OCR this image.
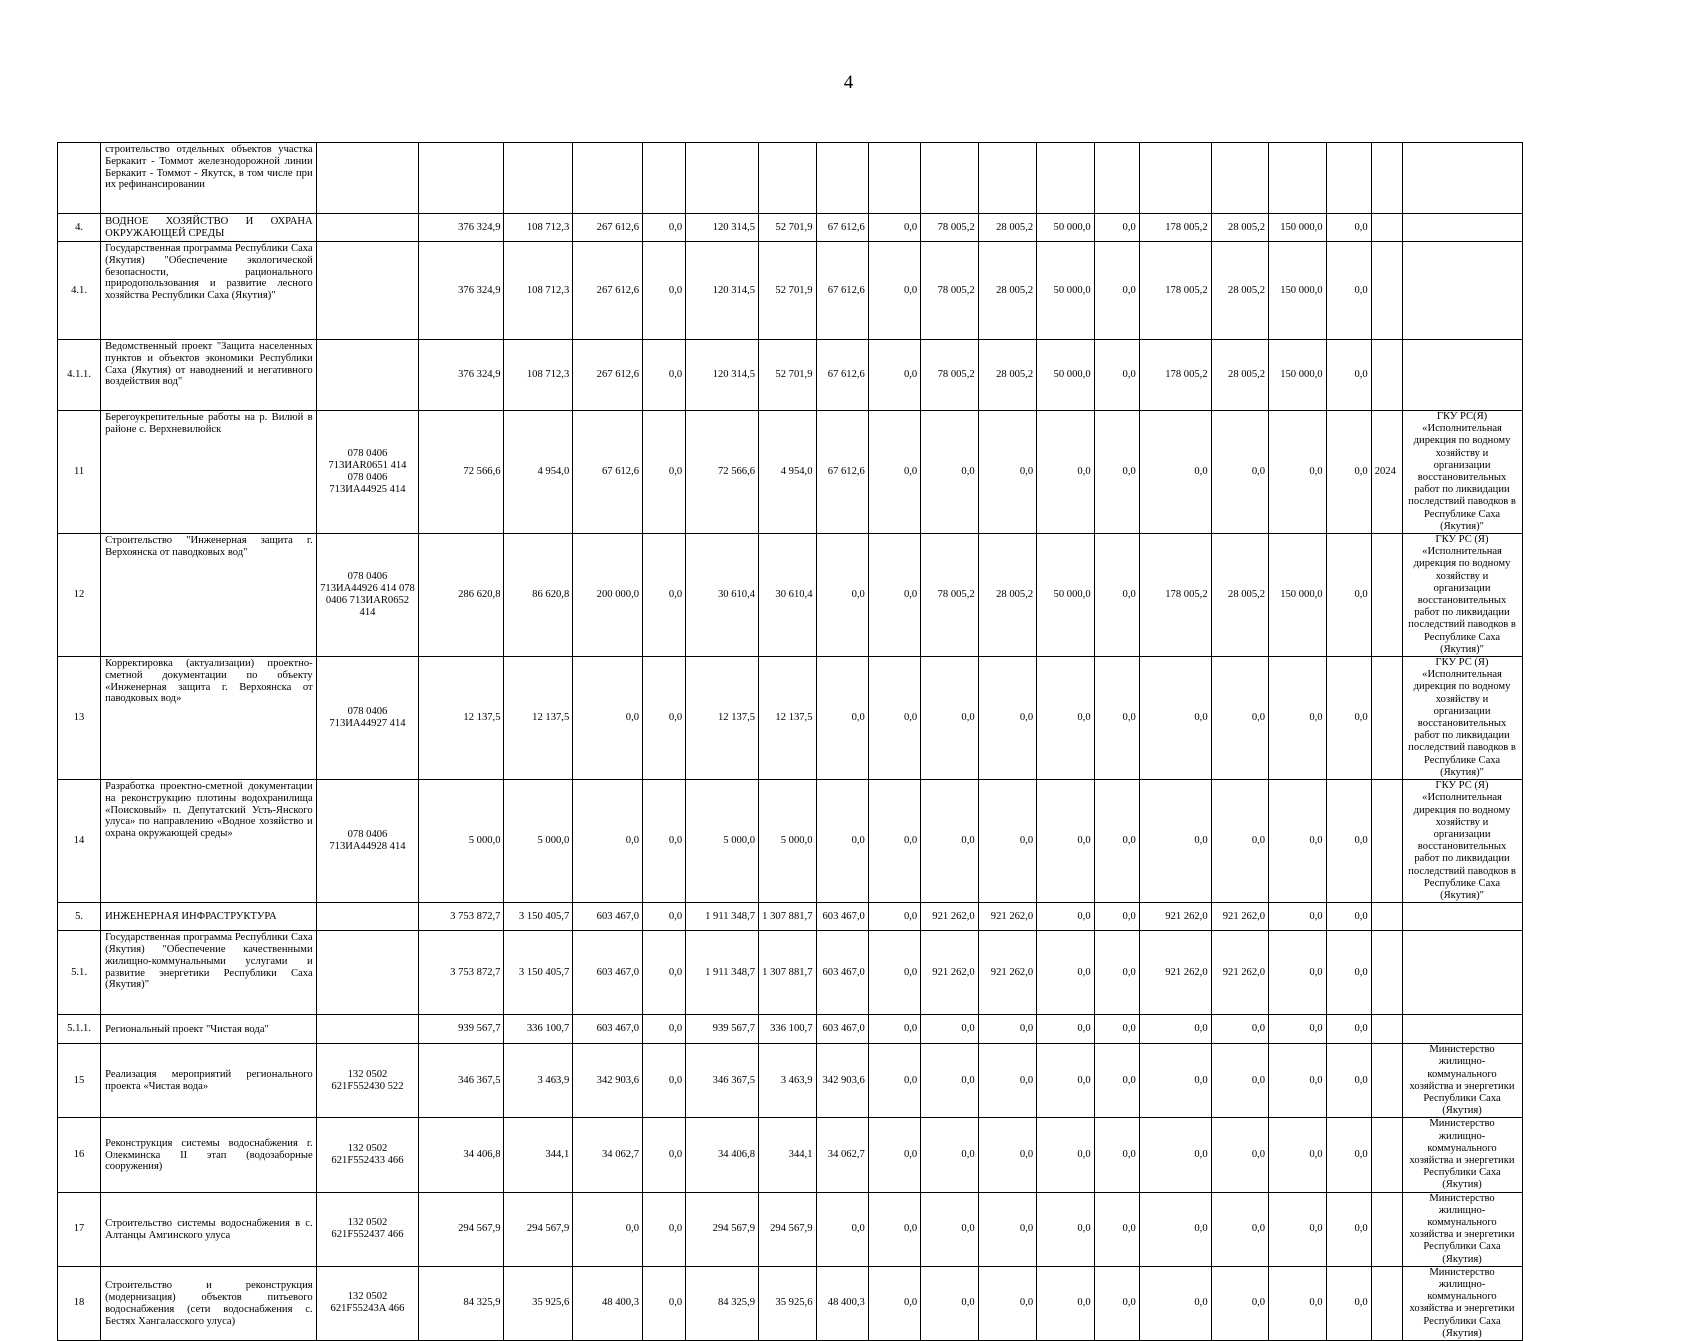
4
	строительство отдельных объектов участка Беркакит - Томмот железнодорожной линии Беркакит - Томмот - Якутск, в том числе при их рефинансировании																			
4.	ВОДНОЕ ХОЗЯЙСТВО И ОХРАНА ОКРУЖАЮЩЕЙ СРЕДЫ		376 324,9	108 712,3	267 612,6	0,0	120 314,5	52 701,9	67 612,6	0,0	78 005,2	28 005,2	50 000,0	0,0	178 005,2	28 005,2	150 000,0	0,0		
4.1.	Государственная программа Республики Саха (Якутия) "Обеспечение экологической безопасности, рационального природопользования и развитие лесного хозяйства Республики Саха (Якутия)"		376 324,9	108 712,3	267 612,6	0,0	120 314,5	52 701,9	67 612,6	0,0	78 005,2	28 005,2	50 000,0	0,0	178 005,2	28 005,2	150 000,0	0,0		
4.1.1.	Ведомственный проект "Защита населенных пунктов и объектов экономики Республики Саха (Якутия) от наводнений и негативного воздействия вод"		376 324,9	108 712,3	267 612,6	0,0	120 314,5	52 701,9	67 612,6	0,0	78 005,2	28 005,2	50 000,0	0,0	178 005,2	28 005,2	150 000,0	0,0		
11	Берегоукрепительные работы на р. Вилюй в районе с. Верхневилюйск	078 0406 713ИАR0651 414 078 0406 713ИА44925 414	72 566,6	4 954,0	67 612,6	0,0	72 566,6	4 954,0	67 612,6	0,0	0,0	0,0	0,0	0,0	0,0	0,0	0,0	0,0	2024	ГКУ РС(Я) «Исполнительная дирекция по водному хозяйству и организации восстановительных работ по ликвидации последствий паводков в Республике Саха (Якутия)"
12	Строительство "Инженерная защита г. Верхоянска от паводковых вод"	078 0406 713ИА44926 414 078 0406 713ИАR0652 414	286 620,8	86 620,8	200 000,0	0,0	30 610,4	30 610,4	0,0	0,0	78 005,2	28 005,2	50 000,0	0,0	178 005,2	28 005,2	150 000,0	0,0		ГКУ РС (Я) «Исполнительная дирекция по водному хозяйству и организации восстановительных работ по ликвидации последствий паводков в Республике Саха (Якутия)"
13	Корректировка (актуализации) проектно-сметной документации по объекту «Инженерная защита г. Верхоянска от паводковых вод»	078 0406 713ИА44927 414	12 137,5	12 137,5	0,0	0,0	12 137,5	12 137,5	0,0	0,0	0,0	0,0	0,0	0,0	0,0	0,0	0,0	0,0		ГКУ РС (Я) «Исполнительная дирекция по водному хозяйству и организации восстановительных работ по ликвидации последствий паводков в Республике Саха (Якутия)"
14	Разработка проектно-сметной документации на реконструкцию плотины водохранилища «Поисковый» п. Депутатский Усть-Янского улуса» по направлению «Водное хозяйство и охрана окружающей среды»	078 0406 713ИА44928 414	5 000,0	5 000,0	0,0	0,0	5 000,0	5 000,0	0,0	0,0	0,0	0,0	0,0	0,0	0,0	0,0	0,0	0,0		ГКУ РС (Я) «Исполнительная дирекция по водному хозяйству и организации восстановительных работ по ликвидации последствий паводков в Республике Саха (Якутия)"
5.	ИНЖЕНЕРНАЯ ИНФРАСТРУКТУРА		3 753 872,7	3 150 405,7	603 467,0	0,0	1 911 348,7	1 307 881,7	603 467,0	0,0	921 262,0	921 262,0	0,0	0,0	921 262,0	921 262,0	0,0	0,0		
5.1.	Государственная программа Республики Саха (Якутия) "Обеспечение качественными жилищно-коммунальными услугами и развитие энергетики Республики Саха (Якутия)"		3 753 872,7	3 150 405,7	603 467,0	0,0	1 911 348,7	1 307 881,7	603 467,0	0,0	921 262,0	921 262,0	0,0	0,0	921 262,0	921 262,0	0,0	0,0		
5.1.1.	Региональный проект "Чистая вода"		939 567,7	336 100,7	603 467,0	0,0	939 567,7	336 100,7	603 467,0	0,0	0,0	0,0	0,0	0,0	0,0	0,0	0,0	0,0		
15	Реализация мероприятий регионального проекта «Чистая вода»	132 0502 621F552430 522	346 367,5	3 463,9	342 903,6	0,0	346 367,5	3 463,9	342 903,6	0,0	0,0	0,0	0,0	0,0	0,0	0,0	0,0	0,0		Министерство жилищно-коммунального хозяйства и энергетики Республики Саха (Якутия)
16	Реконструкция системы водоснабжения г. Олекминска II этап (водозаборные сооружения)	132 0502 621F552433 466	34 406,8	344,1	34 062,7	0,0	34 406,8	344,1	34 062,7	0,0	0,0	0,0	0,0	0,0	0,0	0,0	0,0	0,0		Министерство жилищно-коммунального хозяйства и энергетики Республики Саха (Якутия)
17	Строительство системы водоснабжения в с. Алтанцы Амгинского улуса	132 0502 621F552437 466	294 567,9	294 567,9	0,0	0,0	294 567,9	294 567,9	0,0	0,0	0,0	0,0	0,0	0,0	0,0	0,0	0,0	0,0		Министерство жилищно-коммунального хозяйства и энергетики Республики Саха (Якутия)
18	Строительство и реконструкция (модернизация) объектов питьевого водоснабжения (сети водоснабжения с. Бестях Хангаласского улуса)	132 0502 621F55243A 466	84 325,9	35 925,6	48 400,3	0,0	84 325,9	35 925,6	48 400,3	0,0	0,0	0,0	0,0	0,0	0,0	0,0	0,0	0,0		Министерство жилищно-коммунального хозяйства и энергетики Республики Саха (Якутия)
